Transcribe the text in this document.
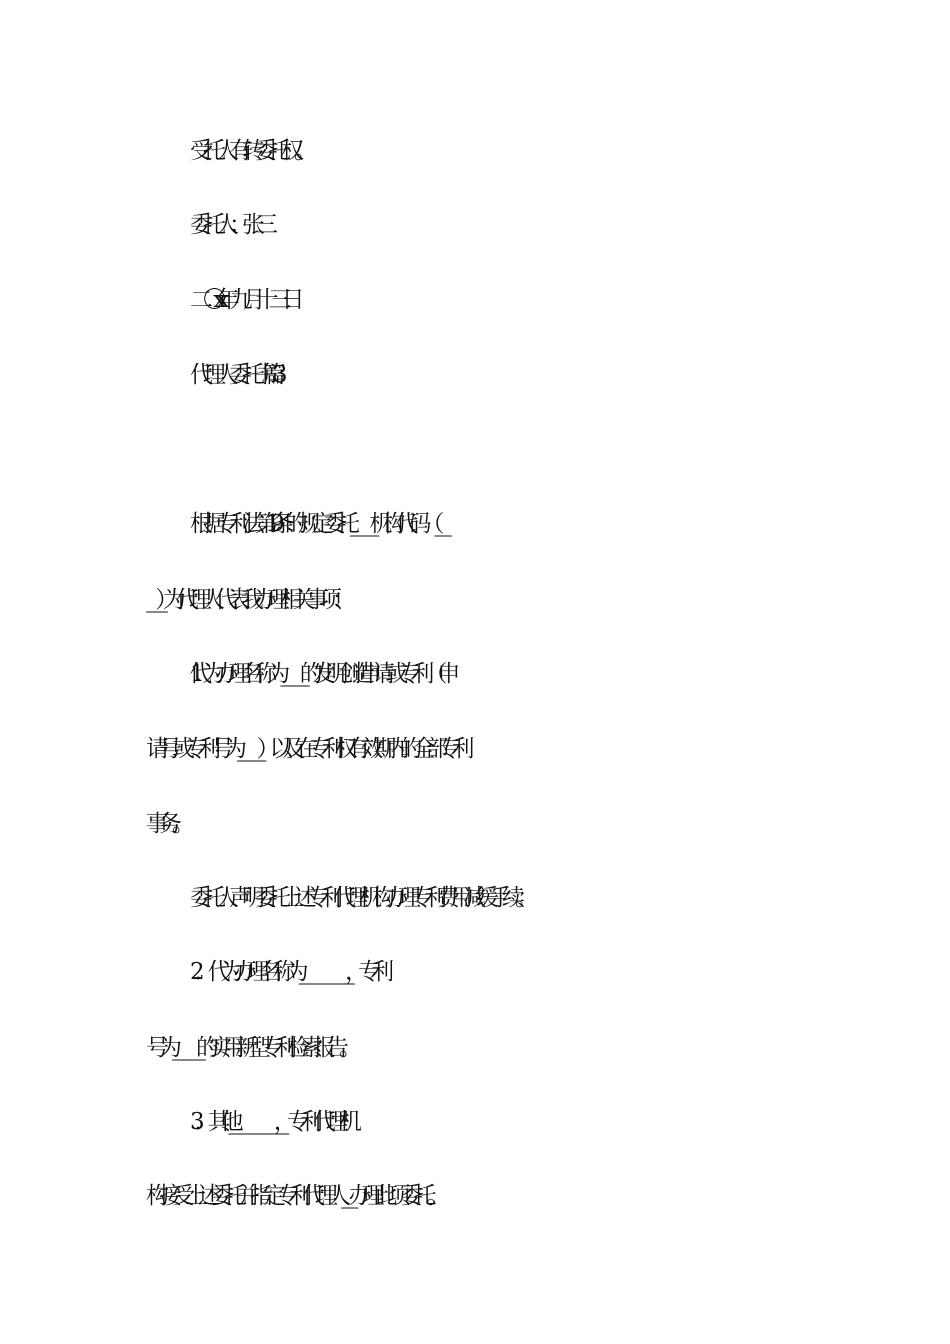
受托人有转委托权。
委托人：张三
二〇 xx 年九月十三日
代理人委托书  篇 3
根据专利法第 19 条的规定委托_____________机构代码（_____
________ ）  为代理人代表我办理相关事项：
1. 代为办理名称为_____________的发明创造  申请或专利（申
请号或专利号为_____________）以及在专利权有效期内的全部专利
事务。
委托人声明委托上述专利代理机构办理专利费用减缓手续。
2．代为办理名称为_______________________________，专利
号为________________的实用新型专利检索报告。
3．其他  __________________________________  ，专利代理机
构接受上述委托并指定专利代理人_____办理此项委托。
